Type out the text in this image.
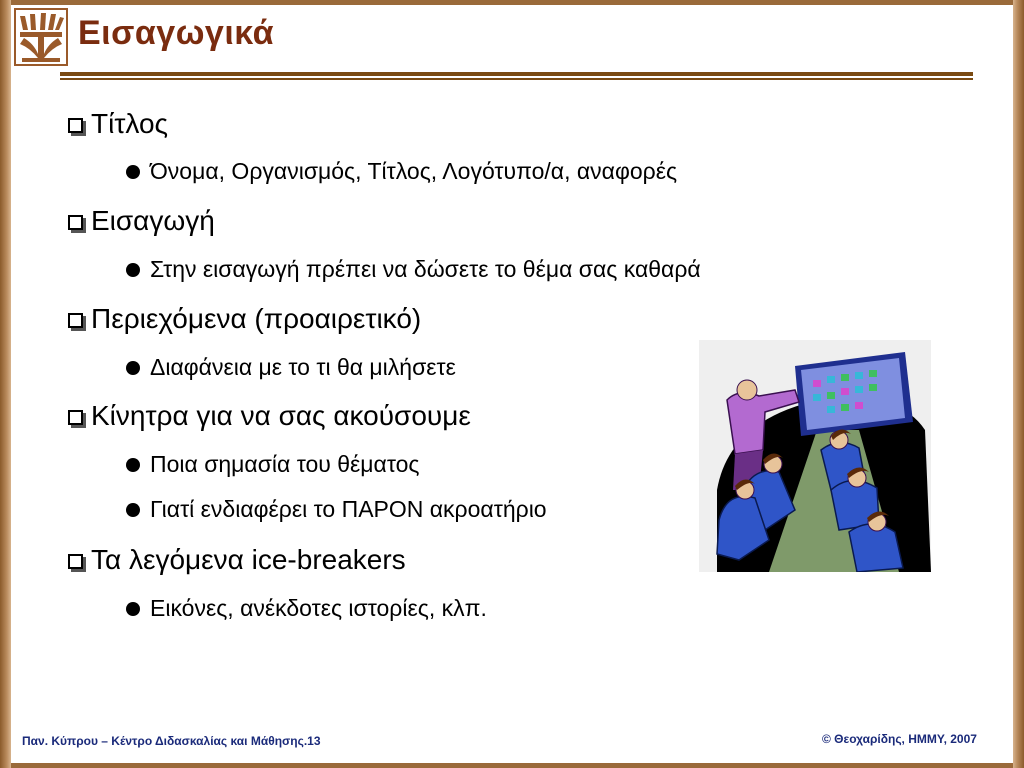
Εισαγωγικά
Τίτλος
Όνομα, Οργανισμός, Τίτλος, Λογότυπο/α, αναφορές
Εισαγωγή
Στην εισαγωγή πρέπει να δώσετε το θέμα σας καθαρά
Περιεχόμενα (προαιρετικό)
Διαφάνεια με το τι θα μιλήσετε
Κίνητρα για να σας ακούσουμε
Ποια σημασία του θέματος
Γιατί ενδιαφέρει το ΠΑΡΟΝ ακροατήριο
Τα λεγόμενα ice-breakers
Εικόνες, ανέκδοτες ιστορίες, κλπ.
Παν. Κύπρου – Κέντρο Διδασκαλίας και Μάθησης.13	© Θεοχαρίδης, ΗΜΜΥ, 2007
